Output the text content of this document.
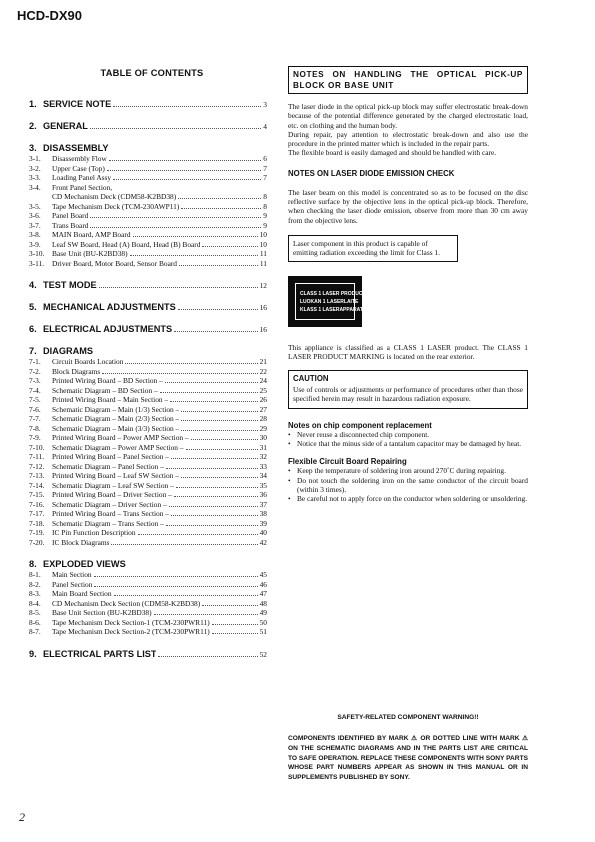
HCD-DX90
TABLE OF CONTENTS
1. SERVICE NOTE	3
2. GENERAL	4
3. DISASSEMBLY
3-1.	Disassembly Flow	6
3-2.	Upper Case (Top)	7
3-3.	Loading Panel Assy	7
3-4.	Front Panel Section,
CD Mechanism Deck (CDM58-K2BD38)	8
3-5.	Tape Mechanism Deck (TCM-230AWP11)	8
3-6.	Panel Board	9
3-7.	Trans Board	9
3-8.	MAIN Board, AMP Board	10
3-9.	Leaf SW Board, Head (A) Board, Head (B) Board	10
3-10.	Base Unit (BU-K2BD38)	11
3-11.	Driver Board, Motor Board, Sensor Board	11
4. TEST MODE	12
5. MECHANICAL ADJUSTMENTS	16
6. ELECTRICAL ADJUSTMENTS	16
7. DIAGRAMS
7-1.	Circuit Boards Location	21
7-2.	Block Diagrams	22
7-3.	Printed Wiring Board – BD Section –	24
7-4.	Schematic Diagram – BD Section –	25
7-5.	Printed Wiring Board – Main Section –	26
7-6.	Schematic Diagram – Main (1/3) Section –	27
7-7.	Schematic Diagram – Main (2/3) Section –	28
7-8.	Schematic Diagram – Main (3/3) Section –	29
7-9.	Printed Wiring Board – Power AMP Section –	30
7-10.	Schematic Diagram – Power AMP Section –	31
7-11.	Printed Wiring Board – Panel Section –	32
7-12.	Schematic Diagram – Panel Section –	33
7-13.	Printed Wiring Board – Leaf SW Section –	34
7-14.	Schematic Diagram – Leaf SW Section –	35
7-15.	Printed Wiring Board – Driver Section –	36
7-16.	Schematic Diagram – Driver Section –	37
7-17.	Printed Wiring Board – Trans Section –	38
7-18.	Schematic Diagram – Trans Section –	39
7-19.	IC Pin Function Description	40
7-20.	IC Block Diagrams	42
8. EXPLODED VIEWS
8-1.	Main Section	45
8-2.	Panel Section	46
8-3.	Main Board Section	47
8-4.	CD Mechanism Deck Section (CDM58-K2BD38)	48
8-5.	Base Unit Section (BU-K2BD38)	49
8-6.	Tape Mechanism Deck Section-1 (TCM-230PWR11)	50
8-7.	Tape Mechanism Deck Section-2 (TCM-230PWR11)	51
9. ELECTRICAL PARTS LIST	52
NOTES ON HANDLING THE OPTICAL PICK-UP BLOCK OR BASE UNIT

The laser diode in the optical pick-up block may suffer electrostatic break-down because of the potential difference generated by the charged electrostatic load, etc. on clothing and the human body.

During repair, pay attention to electrostatic break-down and also use the procedure in the printed matter which is included in the repair parts.

The flexible board is easily damaged and should be handled with care.

NOTES ON LASER DIODE EMISSION CHECK

The laser beam on this model is concentrated so as to be focused on the disc reflective surface by the objective lens in the optical pick-up block. Therefore, when checking the laser diode emission, observe from more than 30 cm away from the objective lens.

Laser component in this product is capable of emitting radiation exceeding the limit for Class 1.
CLASS 1 LASER PRODUCT
LUOKAN 1 LASERLAITE
KLASS 1 LASERAPPARAT

This appliance is classified as a CLASS 1 LASER product. The CLASS 1 LASER PRODUCT MARKING is located on the rear exterior.

CAUTION

Use of controls or adjustments or performance of procedures other than those specified herein may result in hazardous radiation exposure.

Notes on chip component replacement

• Never reuse a disconnected chip component.
• Notice that the minus side of a tantalum capacitor may be damaged by heat.

Flexible Circuit Board Repairing

• Keep the temperature of soldering iron around 270˚C during repairing.
• Do not touch the soldering iron on the same conductor of the circuit board (within 3 times).
• Be careful not to apply force on the conductor when soldering or unsoldering.
SAFETY-RELATED COMPONENT WARNING!!
COMPONENTS IDENTIFIED BY MARK ⚠ OR DOTTED LINE WITH MARK ⚠ ON THE SCHEMATIC DIAGRAMS AND IN THE PARTS LIST ARE CRITICAL TO SAFE OPERATION. REPLACE THESE COMPONENTS WITH SONY PARTS WHOSE PART NUMBERS APPEAR AS SHOWN IN THIS MANUAL OR IN SUPPLEMENTS PUBLISHED BY SONY.
2
